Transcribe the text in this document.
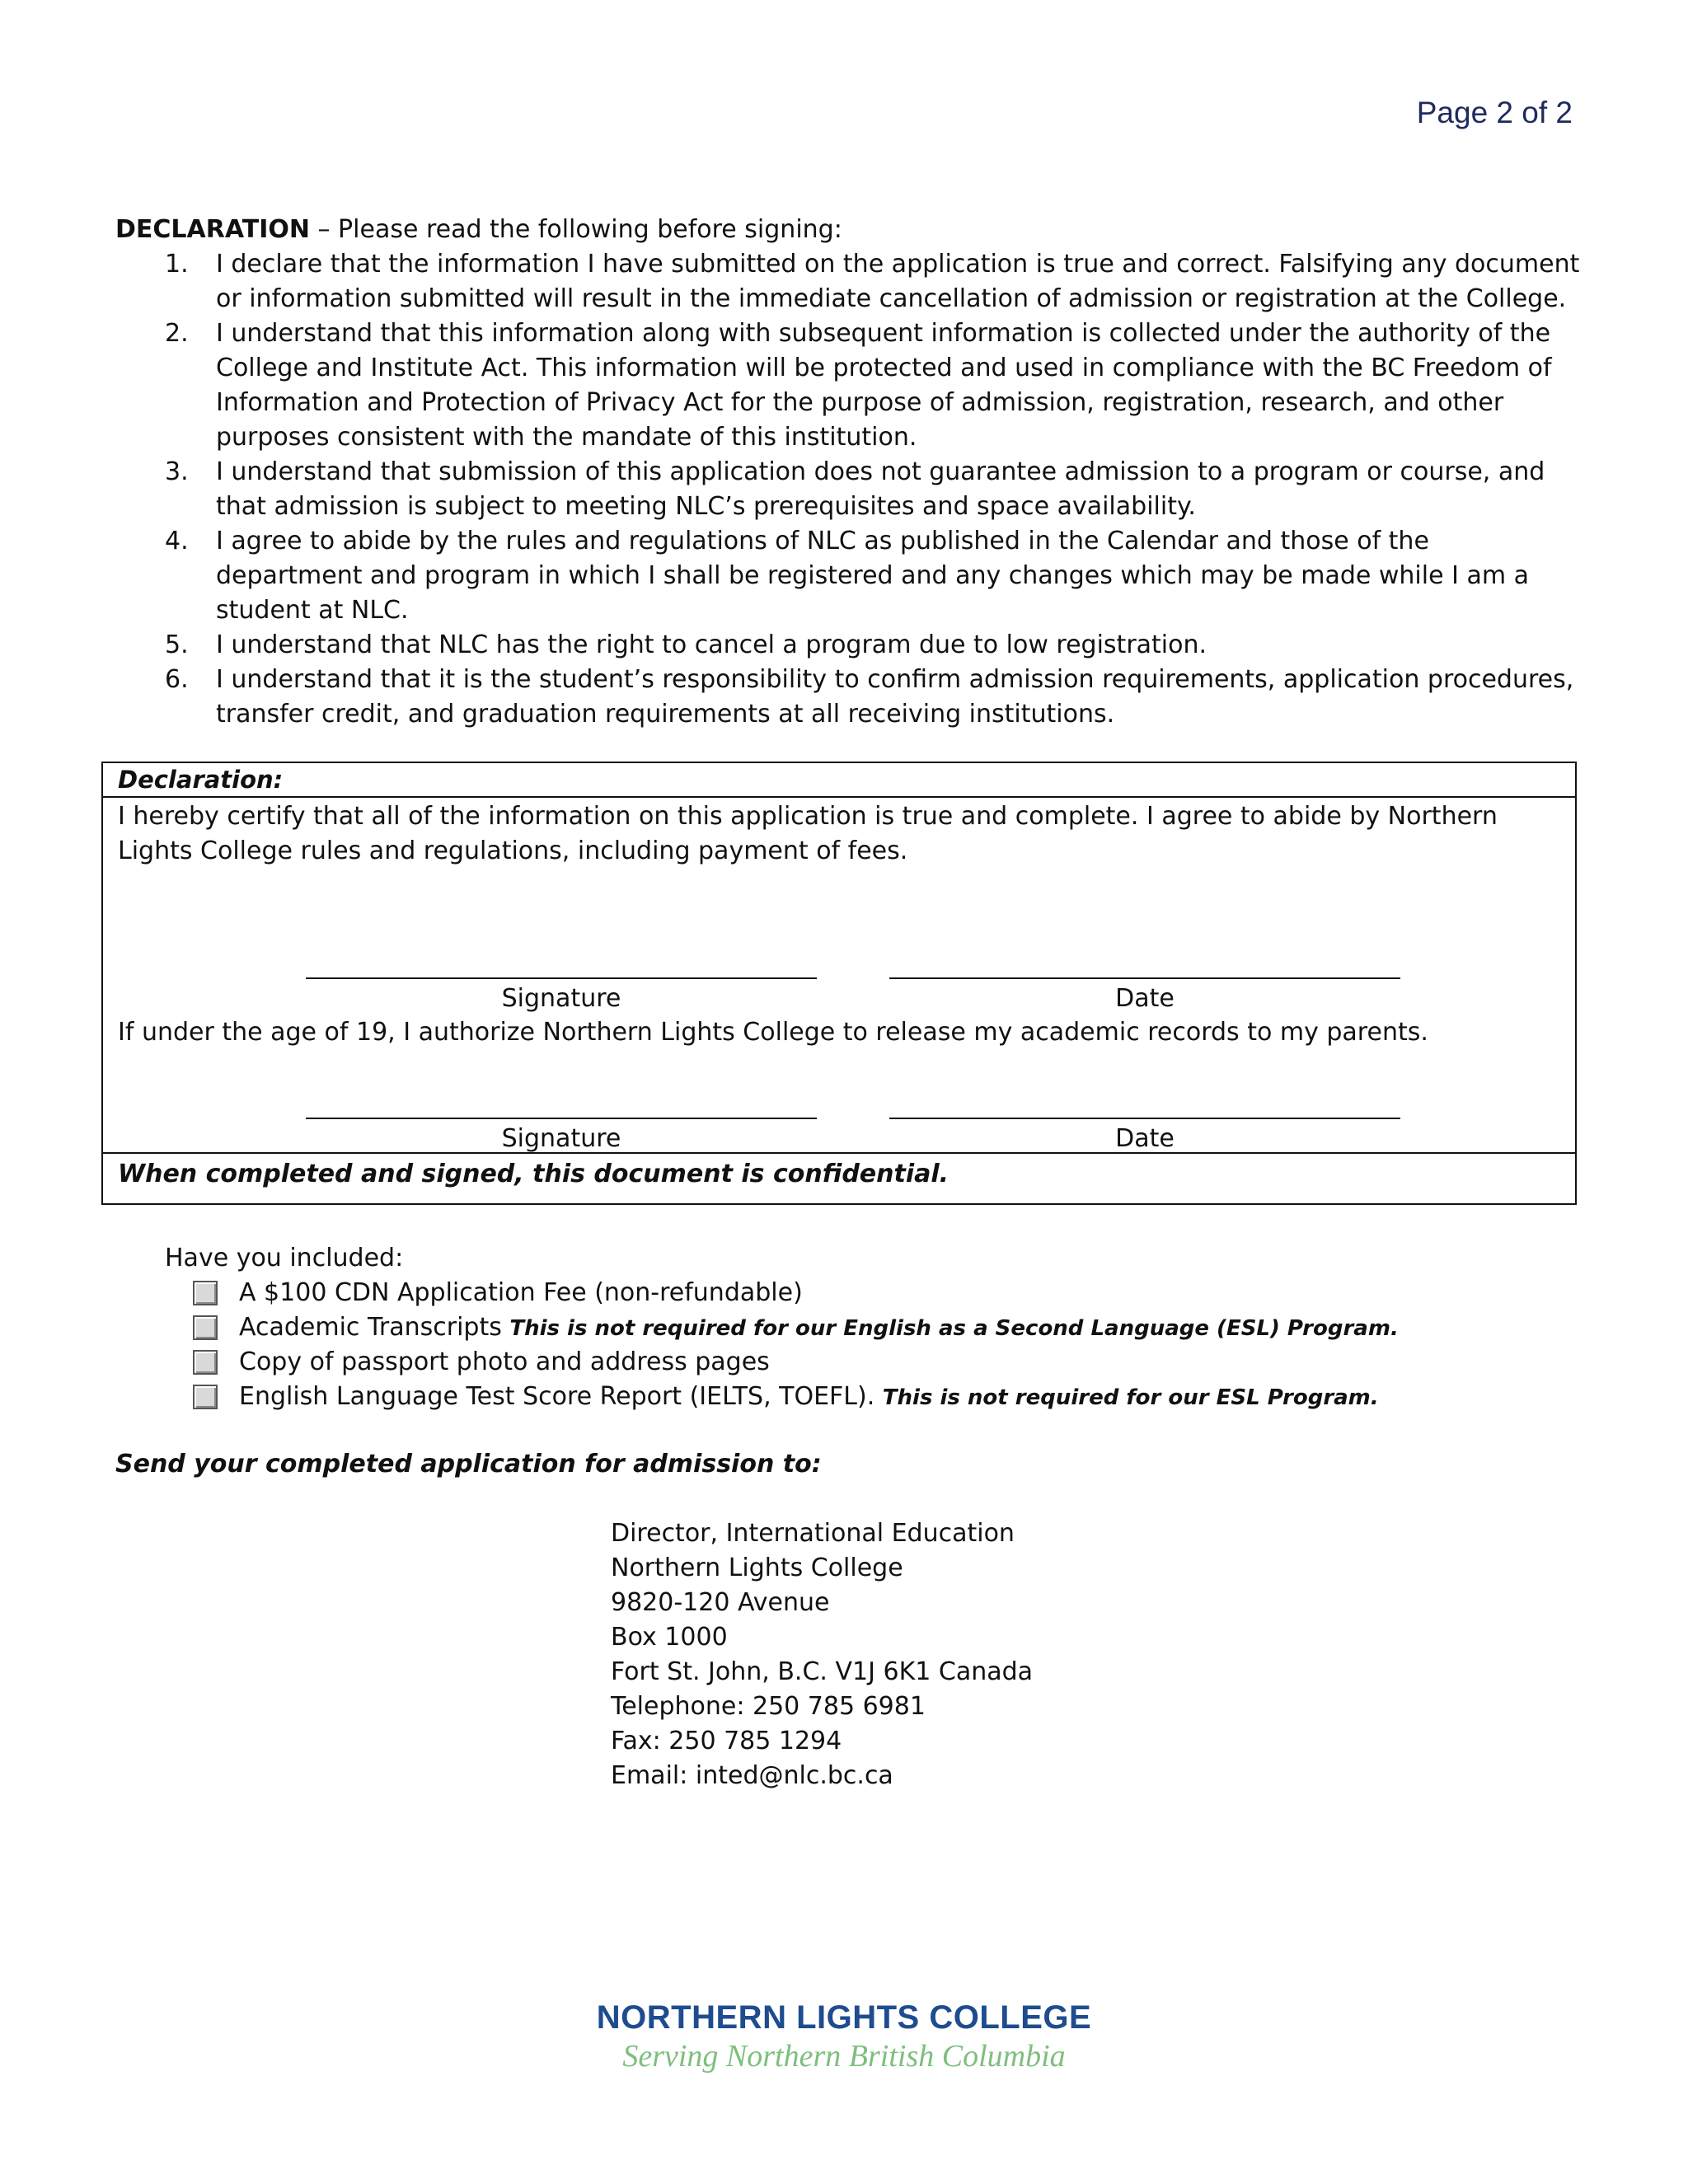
Page 2 of 2
DECLARATION – Please read the following before signing:
1. I declare that the information I have submitted on the application is true and correct. Falsifying any document or information submitted will result in the immediate cancellation of admission or registration at the College.
2. I understand that this information along with subsequent information is collected under the authority of the College and Institute Act. This information will be protected and used in compliance with the BC Freedom of Information and Protection of Privacy Act for the purpose of admission, registration, research, and other purposes consistent with the mandate of this institution.
3. I understand that submission of this application does not guarantee admission to a program or course, and that admission is subject to meeting NLC’s prerequisites and space availability.
4. I agree to abide by the rules and regulations of NLC as published in the Calendar and those of the department and program in which I shall be registered and any changes which may be made while I am a student at NLC.
5. I understand that NLC has the right to cancel a program due to low registration.
6. I understand that it is the student’s responsibility to confirm admission requirements, application procedures, transfer credit, and graduation requirements at all receiving institutions.
Declaration:
I hereby certify that all of the information on this application is true and complete. I agree to abide by Northern Lights College rules and regulations, including payment of fees.
Signature	Date
If under the age of 19, I authorize Northern Lights College to release my academic records to my parents.
Signature	Date
When completed and signed, this document is confidential.
Have you included:
A $100 CDN Application Fee (non-refundable)
Academic Transcripts This is not required for our English as a Second Language (ESL) Program.
Copy of passport photo and address pages
English Language Test Score Report (IELTS, TOEFL). This is not required for our ESL Program.
Send your completed application for admission to:
Director, International Education
Northern Lights College
9820-120 Avenue
Box 1000
Fort St. John, B.C. V1J 6K1 Canada
Telephone: 250 785 6981
Fax: 250 785 1294
Email: inted@nlc.bc.ca
NORTHERN LIGHTS COLLEGE
Serving Northern British Columbia
